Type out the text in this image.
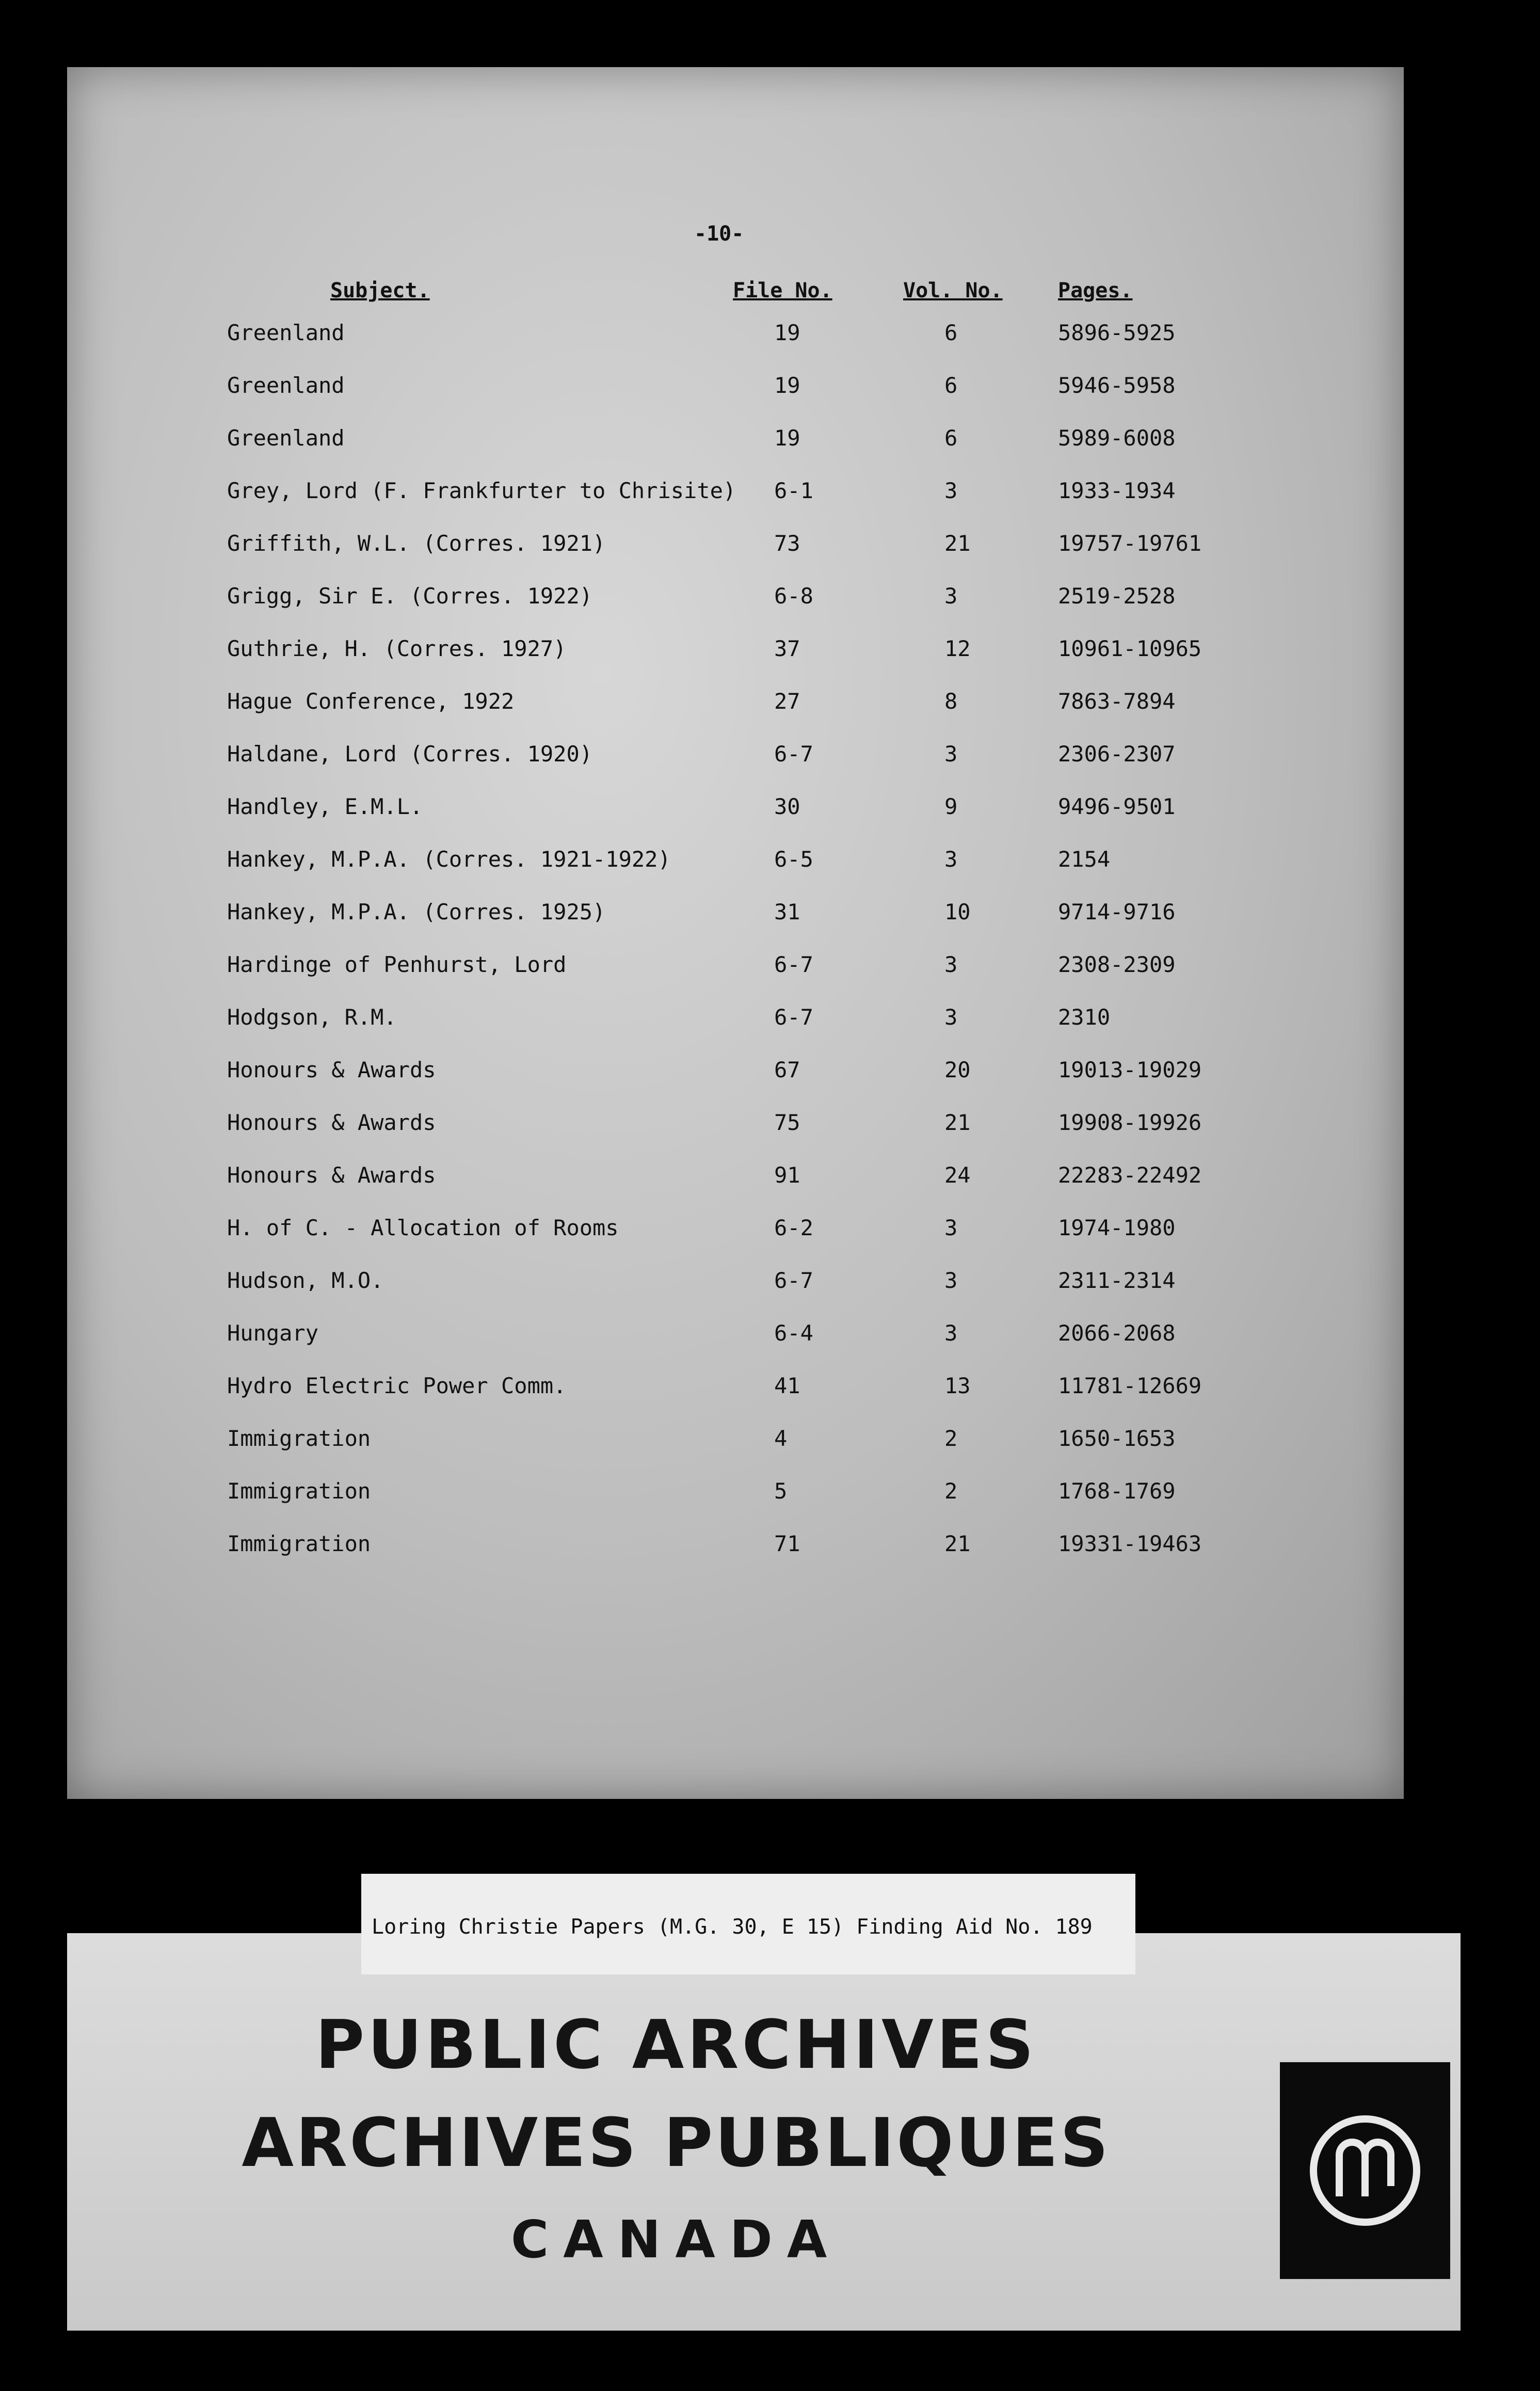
-10-
Subject.	File No.	Vol. No.	Pages.
Greenland	19	6	5896-5925
Greenland	19	6	5946-5958
Greenland	19	6	5989-6008
Grey, Lord (F. Frankfurter to Chrisite) 6-1	3	1933-1934
Griffith, W.L. (Corres. 1921)	73	21	19757-19761
Grigg, Sir E. (Corres. 1922)	6-8	3	2519-2528
Guthrie, H. (Corres. 1927)	37	12	10961-10965
Hague Conference, 1922	27	8	7863-7894
Haldane, Lord (Corres. 1920)	6-7	3	2306-2307
Handley, E.M.L.	30	9	9496-9501
Hankey, M.P.A. (Corres. 1921-1922)	6-5	3	2154
Hankey, M.P.A. (Corres. 1925)	31	10	9714-9716
Hardinge of Penhurst, Lord	6-7	3	2308-2309
Hodgson, R.M.	6-7	3	2310
Honours & Awards	67	20	19013-19029
Honours & Awards	75	21	19908-19926
Honours & Awards	91	24	22283-22492
H. of C. - Allocation of Rooms	6-2	3	1974-1980
Hudson, M.O.	6-7	3	2311-2314
Hungary	6-4	3	2066-2068
Hydro Electric Power Comm.	41	13	11781-12669
Immigration	4	2	1650-1653
Immigration	5	2	1768-1769
Immigration	71	21	19331-19463
PUBLIC ARCHIVES
ARCHIVES PUBLIQUES
CANADA
Loring Christie Papers (M.G. 30, E 15) Finding Aid No. 189
